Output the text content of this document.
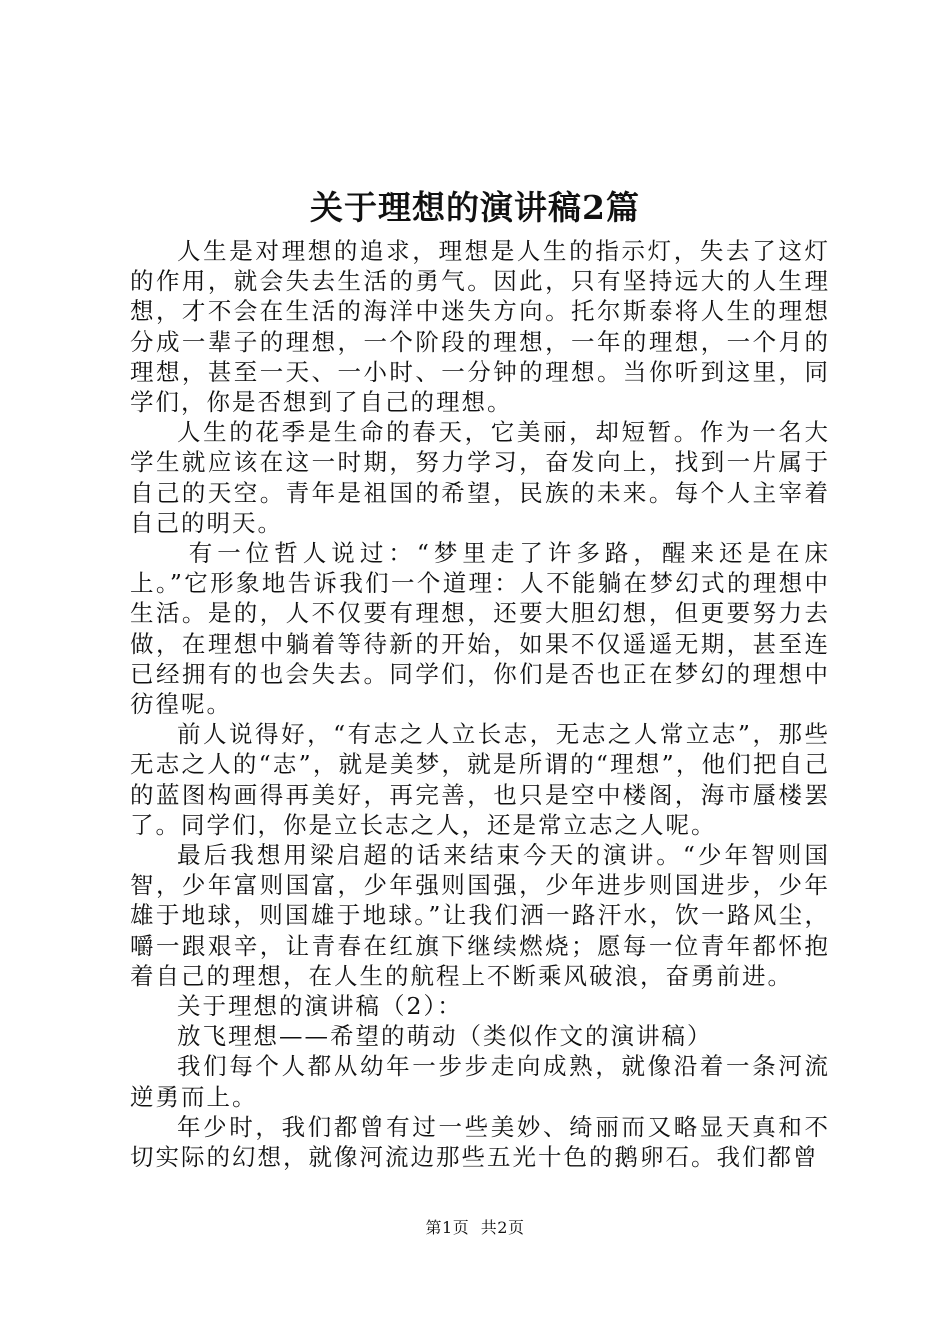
关于理想的演讲稿2篇

人生是对理想的追求，理想是人生的指示灯，失去了这灯的作用，就会失去生活的勇气。因此，只有坚持远大的人生理想，才不会在生活的海洋中迷失方向。托尔斯泰将人生的理想分成一辈子的理想，一个阶段的理想，一年的理想，一个月的理想，甚至一天、一小时、一分钟的理想。当你听到这里，同学们，你是否想到了自己的理想。

人生的花季是生命的春天，它美丽，却短暂。作为一名大学生就应该在这一时期，努力学习，奋发向上，找到一片属于自己的天空。青年是祖国的希望，民族的未来。每个人主宰着自己的明天。

有一位哲人说过：“梦里走了许多路，醒来还是在床上。”它形象地告诉我们一个道理：人不能躺在梦幻式的理想中生活。是的，人不仅要有理想，还要大胆幻想，但更要努力去做，在理想中躺着等待新的开始，如果不仅遥遥无期，甚至连已经拥有的也会失去。同学们，你们是否也正在梦幻的理想中彷徨呢。

前人说得好，“有志之人立长志，无志之人常立志”，那些无志之人的“志”，就是美梦，就是所谓的“理想”，他们把自己的蓝图构画得再美好，再完善，也只是空中楼阁，海市蜃楼罢了。同学们，你是立长志之人，还是常立志之人呢。

最后我想用梁启超的话来结束今天的演讲。“少年智则国智，少年富则国富，少年强则国强，少年进步则国进步，少年雄于地球，则国雄于地球。”让我们洒一路汗水，饮一路风尘，嚼一跟艰辛，让青春在红旗下继续燃烧；愿每一位青年都怀抱着自己的理想，在人生的航程上不断乘风破浪，奋勇前进。

关于理想的演讲稿（2）：

放飞理想——希望的萌动（类似作文的演讲稿）

我们每个人都从幼年一步步走向成熟，就像沿着一条河流逆勇而上。

年少时，我们都曾有过一些美妙、绮丽而又略显天真和不切实际的幻想，就像河流边那些五光十色的鹅卵石。我们都曾

第1页 共2页
